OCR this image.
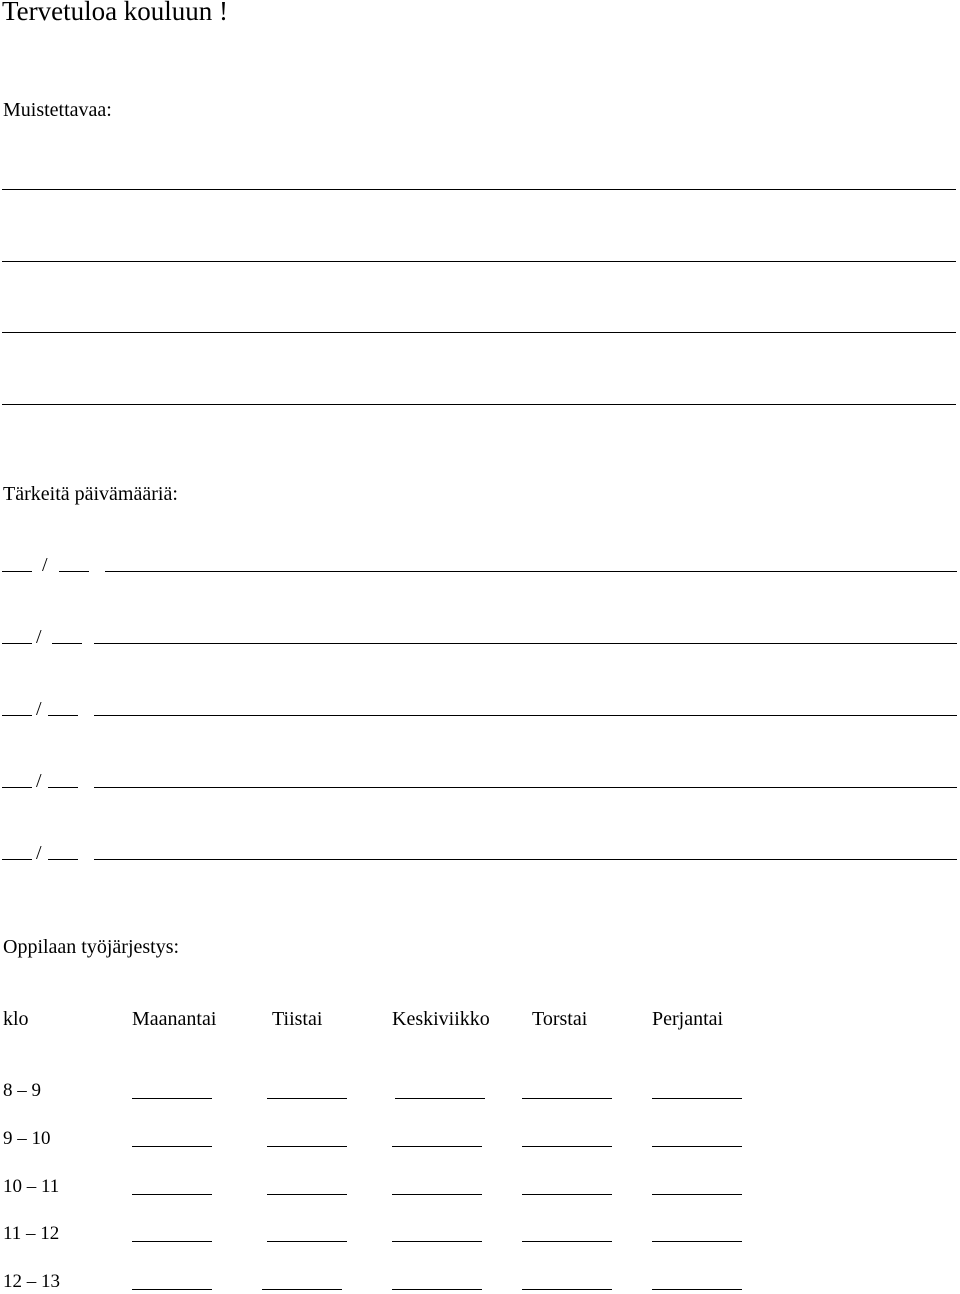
Tervetuloa kouluun !
Muistettavaa:
Tärkeitä päivämääriä:
/
/
/
/
/
Oppilaan työjärjestys:
klo	Maanantai	Tiistai	Keskiviikko Torstai	Perjantai
8 – 9
9 – 10
10 – 11
11 – 12
12 – 13
